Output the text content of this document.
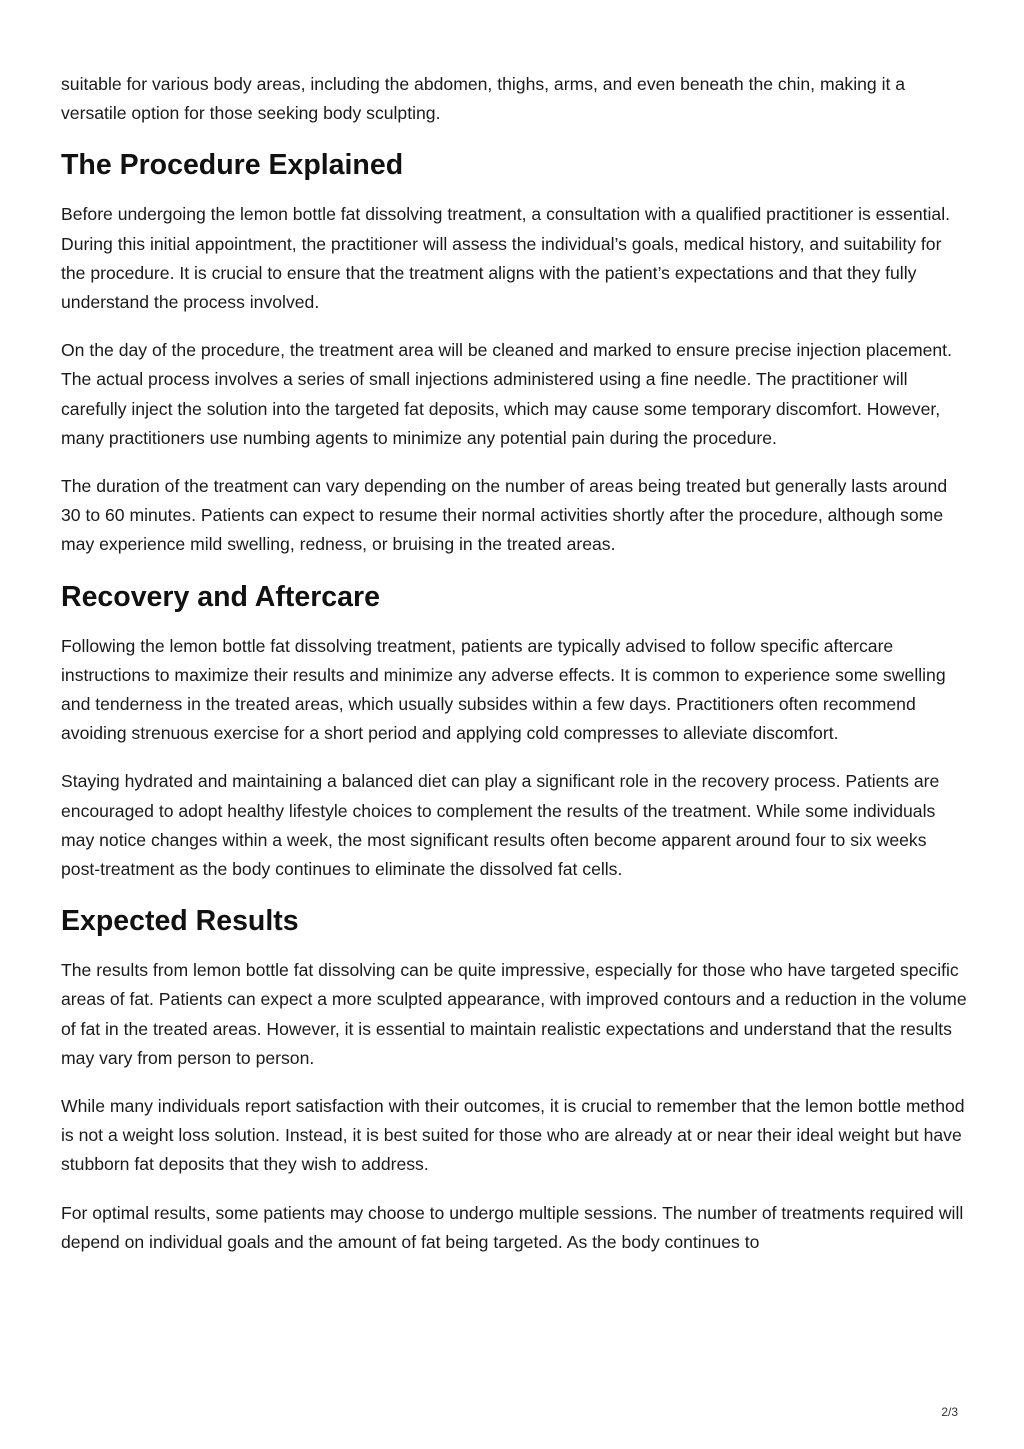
suitable for various body areas, including the abdomen, thighs, arms, and even beneath the chin, making it a versatile option for those seeking body sculpting.

The Procedure Explained

Before undergoing the lemon bottle fat dissolving treatment, a consultation with a qualified practitioner is essential. During this initial appointment, the practitioner will assess the individual’s goals, medical history, and suitability for the procedure. It is crucial to ensure that the treatment aligns with the patient’s expectations and that they fully understand the process involved.

On the day of the procedure, the treatment area will be cleaned and marked to ensure precise injection placement. The actual process involves a series of small injections administered using a fine needle. The practitioner will carefully inject the solution into the targeted fat deposits, which may cause some temporary discomfort. However, many practitioners use numbing agents to minimize any potential pain during the procedure.

The duration of the treatment can vary depending on the number of areas being treated but generally lasts around 30 to 60 minutes. Patients can expect to resume their normal activities shortly after the procedure, although some may experience mild swelling, redness, or bruising in the treated areas.

Recovery and Aftercare

Following the lemon bottle fat dissolving treatment, patients are typically advised to follow specific aftercare instructions to maximize their results and minimize any adverse effects. It is common to experience some swelling and tenderness in the treated areas, which usually subsides within a few days. Practitioners often recommend avoiding strenuous exercise for a short period and applying cold compresses to alleviate discomfort.

Staying hydrated and maintaining a balanced diet can play a significant role in the recovery process. Patients are encouraged to adopt healthy lifestyle choices to complement the results of the treatment. While some individuals may notice changes within a week, the most significant results often become apparent around four to six weeks post-treatment as the body continues to eliminate the dissolved fat cells.

Expected Results

The results from lemon bottle fat dissolving can be quite impressive, especially for those who have targeted specific areas of fat. Patients can expect a more sculpted appearance, with improved contours and a reduction in the volume of fat in the treated areas. However, it is essential to maintain realistic expectations and understand that the results may vary from person to person.

While many individuals report satisfaction with their outcomes, it is crucial to remember that the lemon bottle method is not a weight loss solution. Instead, it is best suited for those who are already at or near their ideal weight but have stubborn fat deposits that they wish to address.

For optimal results, some patients may choose to undergo multiple sessions. The number of treatments required will depend on individual goals and the amount of fat being targeted. As the body continues to

2/3
